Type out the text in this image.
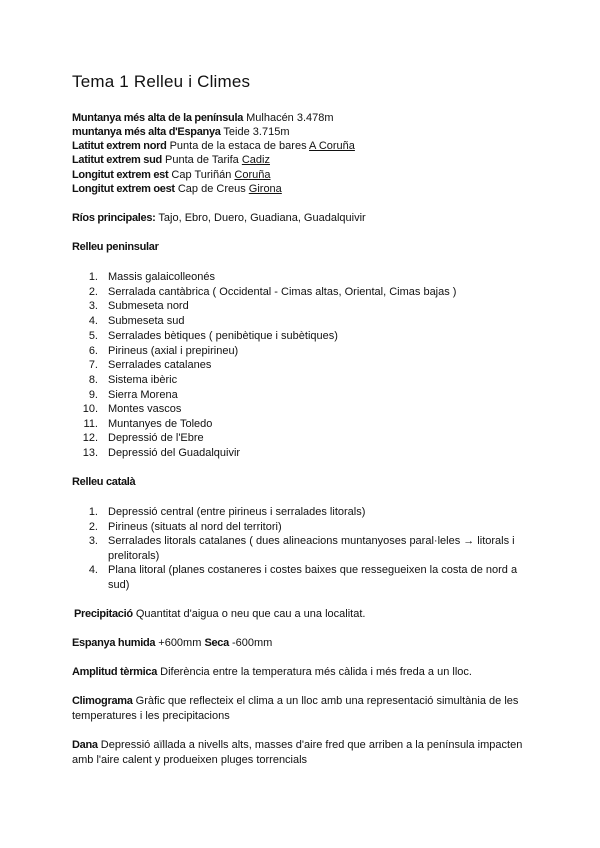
Tema 1 Relleu i Climes
Muntanya més alta de la península Mulhacén 3.478m
muntanya més alta d'Espanya Teide 3.715m
Latitut extrem nord Punta de la estaca de bares A Coruña
Latitut extrem sud Punta de Tarifa Cadiz
Longitut extrem est Cap Turiñán Coruña
Longitut extrem oest Cap de Creus Girona
Ríos principales: Tajo, Ebro, Duero, Guadiana, Guadalquivir
Relleu peninsular
1. Massis galaicolleonés
2. Serralada cantàbrica ( Occidental - Cimas altas, Oriental, Cimas bajas )
3. Submeseta nord
4. Submeseta sud
5. Serralades bètiques ( penibètique i subètiques)
6. Pirineus (axial i prepirineu)
7. Serralades catalanes
8. Sistema ibèric
9. Sierra Morena
10. Montes vascos
11. Muntanyes de Toledo
12. Depressió de l'Ebre
13. Depressió del Guadalquivir
Relleu català
1. Depressió central (entre pirineus i serralades litorals)
2. Pirineus (situats al nord del territori)
3. Serralades litorals catalanes ( dues alineacions muntanyoses paral·leles → litorals i prelitorals)
4. Plana litoral (planes costaneres i costes baixes que ressegueixen la costa de nord a sud)
Precipitació Quantitat d'aigua o neu que cau a una localitat.
Espanya humida +600mm Seca -600mm
Amplitud tèrmica Diferència entre la temperatura més càlida i més freda a un lloc.
Climograma Gràfic que reflecteix el clima a un lloc amb una representació simultània de les temperatures i les precipitacions
Dana Depressió aïllada a nivells alts, masses d'aire fred que arriben a la península impacten amb l'aire calent y produeixen pluges torrencials
